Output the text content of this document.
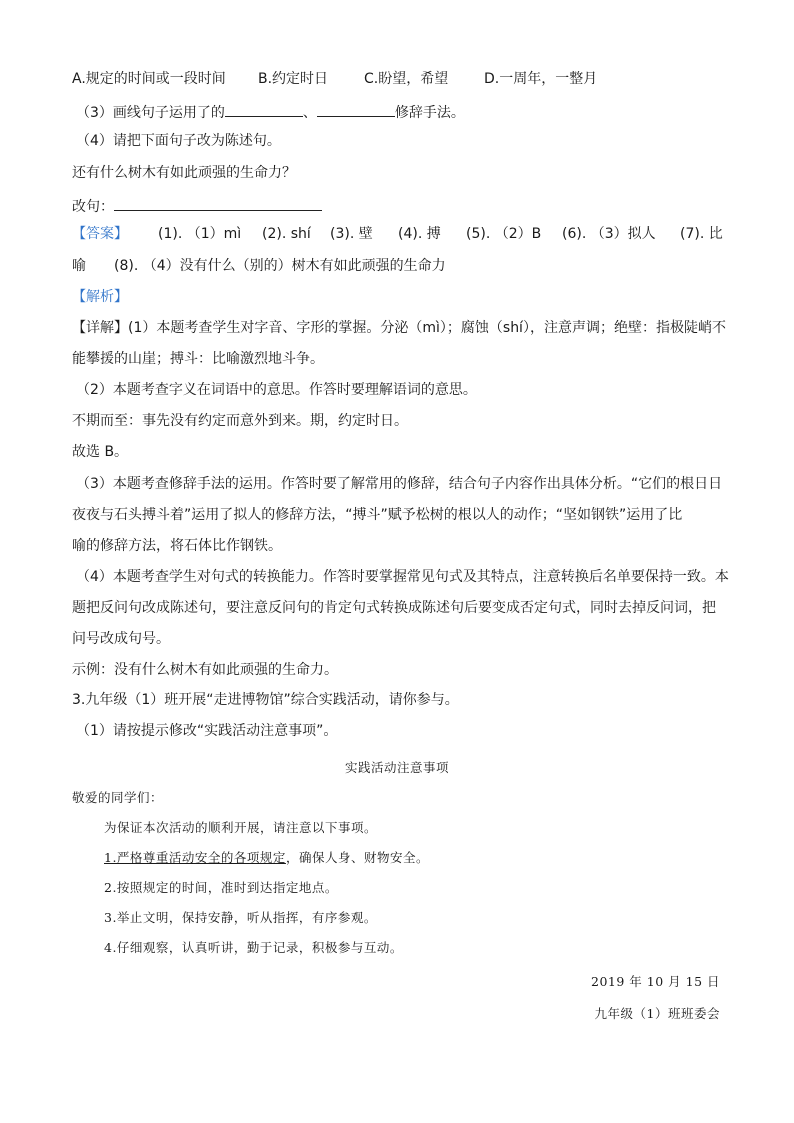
A.规定的时间或一段时间 B.约定时日	C.盼望，希望	D.一周年，一整月
（3）画线句子运用了的	、	修辞手法。
（4）请把下面句子改为陈述句。
还有什么树木有如此顽强的生命力？
改句：
【答案】 (1). （1）mì (2). shí (3). 壁 (4). 搏 (5). （2）B (6). （3）拟人 (7). 比
喻 (8). （4）没有什么（别的）树木有如此顽强的生命力
【解析】
【详解】(1）本题考查学生对字音、字形的掌握。分泌（mì）；腐蚀（shí），注意声调；绝壁：指极陡峭不
能攀援的山崖；搏斗：比喻激烈地斗争。
（2）本题考查字义在词语中的意思。作答时要理解语词的意思。
不期而至：事先没有约定而意外到来。期，约定时日。
故选 B。
（3）本题考查修辞手法的运用。作答时要了解常用的修辞，结合句子内容作出具体分析。“它们的根日日
夜夜与石头搏斗着”运用了拟人的修辞方法，“搏斗”赋予松树的根以人的动作；“坚如钢铁”运用了比
喻的修辞方法，将石体比作钢铁。
（4）本题考查学生对句式的转换能力。作答时要掌握常见句式及其特点，注意转换后名单要保持一致。本
题把反问句改成陈述句，要注意反问句的肯定句式转换成陈述句后要变成否定句式，同时去掉反问词，把
问号改成句号。
示例：没有什么树木有如此顽强的生命力。
3.九年级（1）班开展“走进博物馆”综合实践活动，请你参与。
（1）请按提示修改“实践活动注意事项”。
实践活动注意事项
敬爱的同学们：
为保证本次活动的顺利开展，请注意以下事项。
1.严格尊重活动安全的各项规定，确保人身、财物安全。
2.按照规定的时间，准时到达指定地点。
3.举止文明，保持安静，听从指挥，有序参观。
4.仔细观察，认真听讲，勤于记录，积极参与互动。
2019 年 10 月 15 日
九年级（1）班班委会
